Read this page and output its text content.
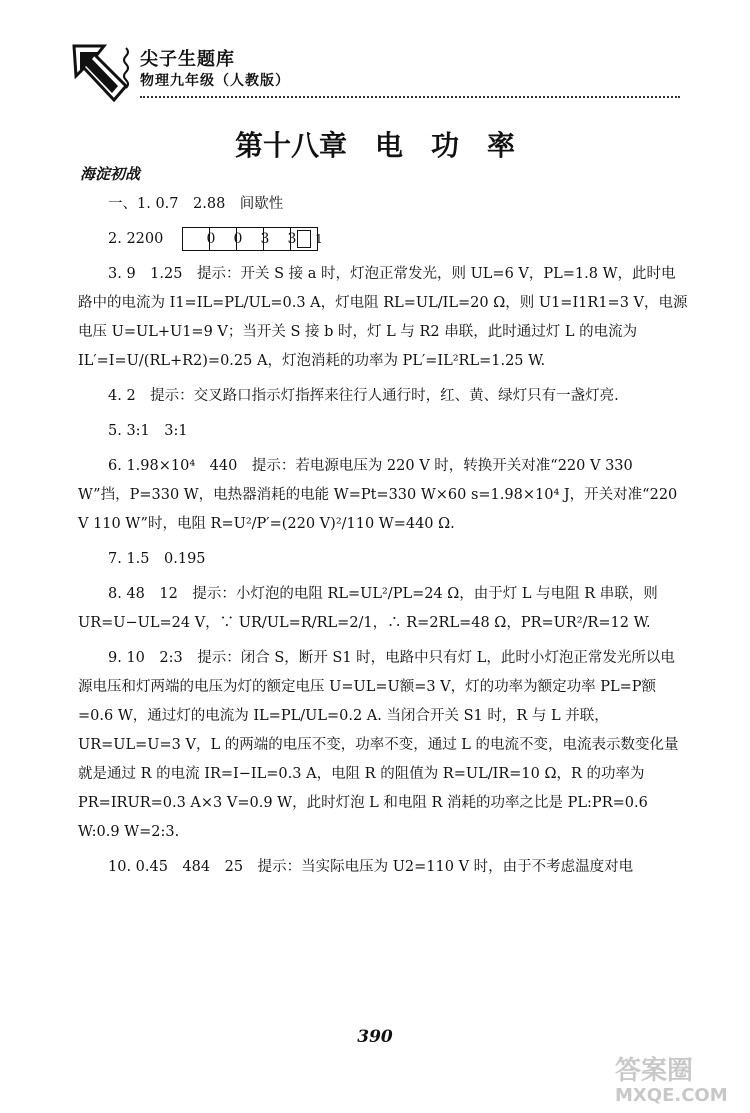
尖子生题库
物理九年级（人教版）
第十八章　电　功　率
海淀初战

一、1. 0.7　2.88　间歇性

2. 2200	0	0	3	3	1

3. 9　1.25　提示：开关 S 接 a 时，灯泡正常发光，则 UL=6 V，PL=1.8 W，此时电路中的电流为 I1=IL=PL/UL=0.3 A，灯电阻 RL=UL/IL=20 Ω，则 U1=I1R1=3 V，电源电压 U=UL+U1=9 V；当开关 S 接 b 时，灯 L 与 R2 串联，此时通过灯 L 的电流为 IL′=I=U/(RL+R2)=0.25 A，灯泡消耗的功率为 PL′=IL²RL=1.25 W.

4. 2　提示：交叉路口指示灯指挥来往行人通行时，红、黄、绿灯只有一盏灯亮.

5. 3:1　3:1

6. 1.98×10⁴　440　提示：若电源电压为 220 V 时，转换开关对准“220 V 330 W”挡，P=330 W，电热器消耗的电能 W=Pt=330 W×60 s=1.98×10⁴ J，开关对准“220 V 110 W”时，电阻 R=U²/P′=(220 V)²/110 W=440 Ω.

7. 1.5　0.195

8. 48　12　提示：小灯泡的电阻 RL=UL²/PL=24 Ω，由于灯 L 与电阻 R 串联，则 UR=U−UL=24 V，∵ UR/UL=R/RL=2/1，∴ R=2RL=48 Ω，PR=UR²/R=12 W.

9. 10　2:3　提示：闭合 S，断开 S1 时，电路中只有灯 L，此时小灯泡正常发光所以电源电压和灯两端的电压为灯的额定电压 U=UL=U额=3 V，灯的功率为额定功率 PL=P额=0.6 W，通过灯的电流为 IL=PL/UL=0.2 A. 当闭合开关 S1 时，R 与 L 并联，UR=UL=U=3 V，L 的两端的电压不变，功率不变，通过 L 的电流不变，电流表示数变化量就是通过 R 的电流 IR=I−IL=0.3 A，电阻 R 的阻值为 R=UL/IR=10 Ω，R 的功率为 PR=IRUR=0.3 A×3 V=0.9 W，此时灯泡 L 和电阻 R 消耗的功率之比是 PL:PR=0.6 W:0.9 W=2:3.

10. 0.45　484　25　提示：当实际电压为 U2=110 V 时，由于不考虑温度对电

390
答案圈
MXQE.COM
